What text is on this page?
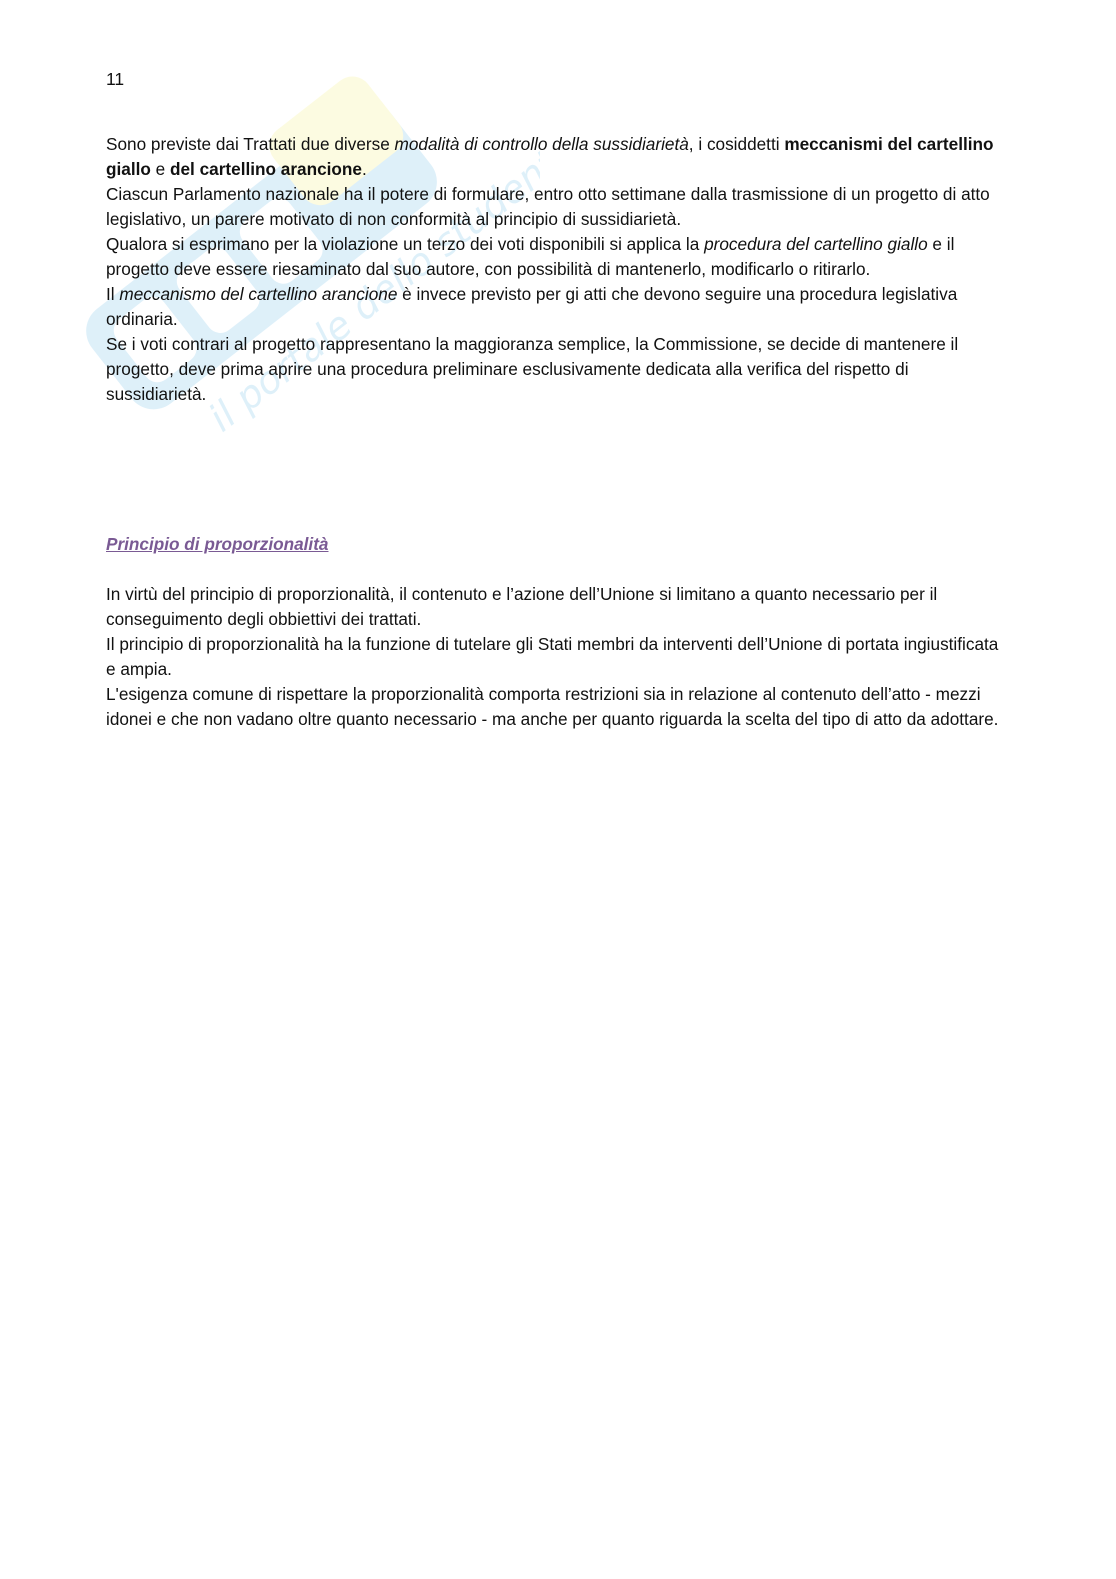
il portale dello studente
11

Sono previste dai Trattati due diverse modalità di controllo della sussidiarietà, i cosiddetti meccanismi del cartellino giallo e del cartellino arancione.

Ciascun Parlamento nazionale ha il potere di formulare, entro otto settimane dalla trasmissione di un progetto di atto legislativo, un parere motivato di non conformità al principio di sussidiarietà.

Qualora si esprimano per la violazione un terzo dei voti disponibili si applica la procedura del cartellino giallo e il progetto deve essere riesaminato dal suo autore, con possibilità di mantenerlo, modificarlo o ritirarlo.

Il meccanismo del cartellino arancione è invece previsto per gi atti che devono seguire una procedura legislativa ordinaria.

Se i voti contrari al progetto rappresentano la maggioranza semplice, la Commissione, se decide di mantenere il progetto, deve prima aprire una procedura preliminare esclusivamente dedicata alla verifica del rispetto di sussidiarietà.

Principio di proporzionalità

In virtù del principio di proporzionalità, il contenuto e l’azione dell’Unione si limitano a quanto necessario per il conseguimento degli obbiettivi dei trattati.

Il principio di proporzionalità ha la funzione di tutelare gli Stati membri da interventi dell’Unione di portata ingiustificata e ampia.

L'esigenza comune di rispettare la proporzionalità comporta restrizioni sia in relazione al contenuto dell’atto - mezzi idonei e che non vadano oltre quanto necessario - ma anche per quanto riguarda la scelta del tipo di atto da adottare.
